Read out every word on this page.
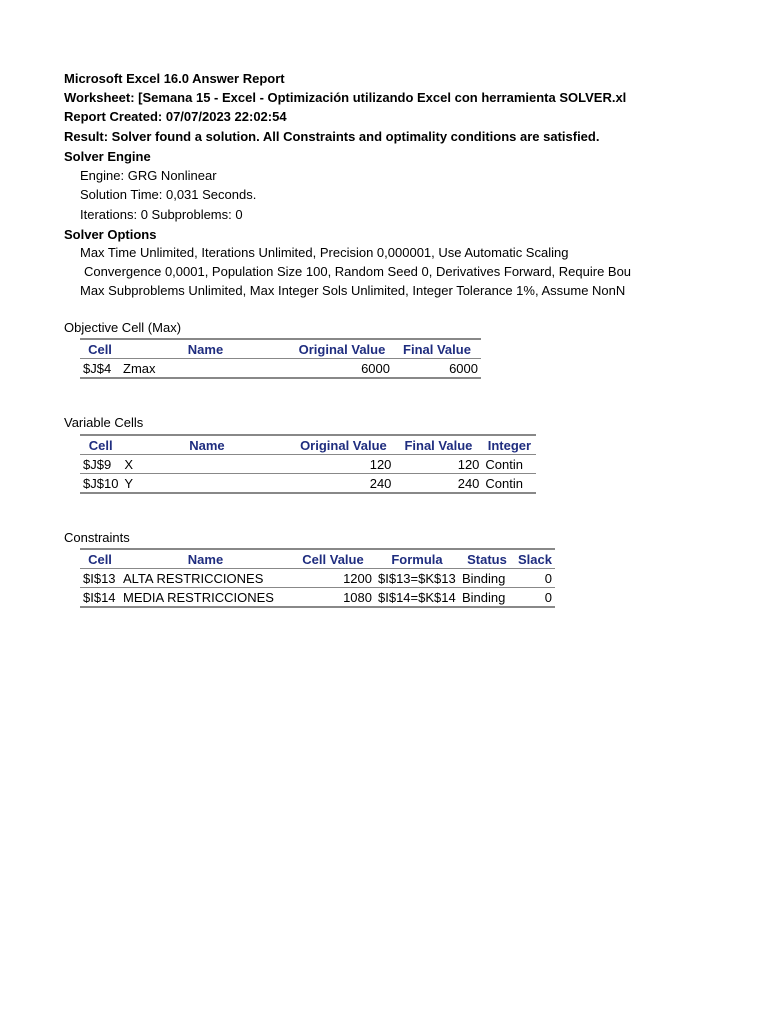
Microsoft Excel 16.0 Answer Report
Worksheet: [Semana 15 - Excel - Optimización utilizando Excel con herramienta SOLVER.xl
Report Created: 07/07/2023 22:02:54
Result: Solver found a solution. All Constraints and optimality conditions are satisfied.
Solver Engine
Engine: GRG Nonlinear
Solution Time: 0,031 Seconds.
Iterations: 0 Subproblems: 0
Solver Options
Max Time Unlimited, Iterations Unlimited, Precision 0,000001, Use Automatic Scaling
Convergence 0,0001, Population Size 100, Random Seed 0, Derivatives Forward, Require Bou
Max Subproblems Unlimited, Max Integer Sols Unlimited, Integer Tolerance 1%, Assume NonN
Objective Cell (Max)
Cell	Name	Original Value	Final Value
$J$4	Zmax	6000	6000
Variable Cells
Cell	Name	Original Value	Final Value	Integer
$J$9	X	120	120	Contin
$J$10	Y	240	240	Contin
Constraints
Cell	Name	Cell Value	Formula	Status	Slack
$I$13	ALTA RESTRICCIONES	1200	$I$13=$K$13	Binding	0
$I$14	MEDIA RESTRICCIONES	1080	$I$14=$K$14	Binding	0
